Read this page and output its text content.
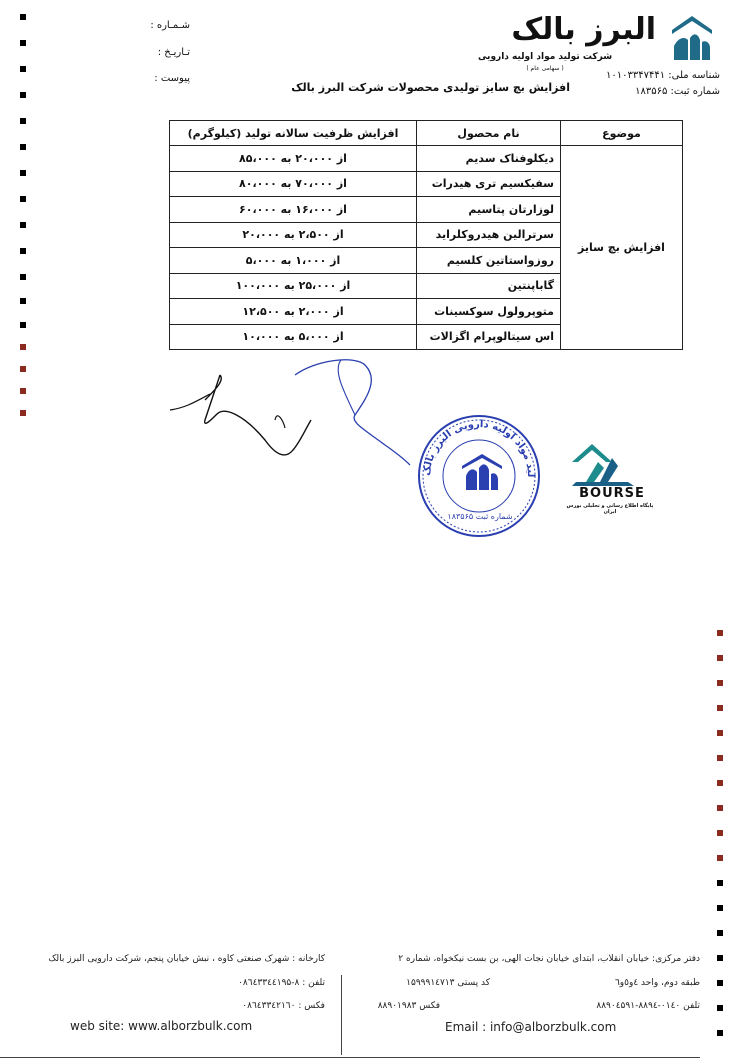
شـمـاره :
تـاريـخ :
پيوست :
البرز بالک
شرکت تولید مواد اولیه دارویی
( سهامی عام )
شناسه ملی: ۱۰۱۰۳۳۴۷۴۴۱
شماره ثبت: ۱۸۳۵۶۵
افزایش بچ سایز تولیدی محصولات شرکت البرز بالک
موضوع	نام محصول	افزایش ظرفیت سالانه تولید (کیلوگرم)
افزایش بچ سایز	دیکلوفناک سدیم	از ۲۰،۰۰۰ به ۸۵،۰۰۰
	سفیکسیم تری هیدرات	از ۷۰،۰۰۰ به ۸۰،۰۰۰
	لوزارتان پتاسیم	از ۱۶،۰۰۰ به ۶۰،۰۰۰
	سرترالین هیدروکلراید	از ۲،۵۰۰ به ۲۰،۰۰۰
	روزواستاتین کلسیم	از ۱،۰۰۰ به ۵،۰۰۰
	گاباپنتین	از ۲۵،۰۰۰ به ۱۰۰،۰۰۰
	متوپرولول سوکسینات	از ۲،۰۰۰ به ۱۲،۵۰۰
	اس سیتالوپرام اگزالات	از ۵،۰۰۰ به ۱۰،۰۰۰
لید مواد اولیه دارویی البرز بالک
شماره ثبت ۱۸۳۵۶۵
BOURSE
پایگاه اطلاع رسانی و تحلیلی بورس ایران
دفتر مرکزی: خیابان انقلاب، ابتدای خیابان نجات الهی، بن بست نیکخواه، شماره ۲
طبقه دوم، واحد ٤و٥و٦
کد پستی ۱۵۹۹۹۱٤۷۱۳
تلفن ۰۱٤٠-۸۸۹٤-۸۸۹۰٤۵۹۱
فکس ۸۸۹۰۱۹۸۳
کارخانه : شهرک صنعتی کاوه ، نبش خیابان پنجم، شرکت دارویی البرز بالک
تلفن : ۸-۰۸٦٤۳۳٤٤۱۹۵
فکس : ۰۸٦٤۳۳٤۲۱٦۰
web site: www.alborzbulk.com	Email : info@alborzbulk.com
